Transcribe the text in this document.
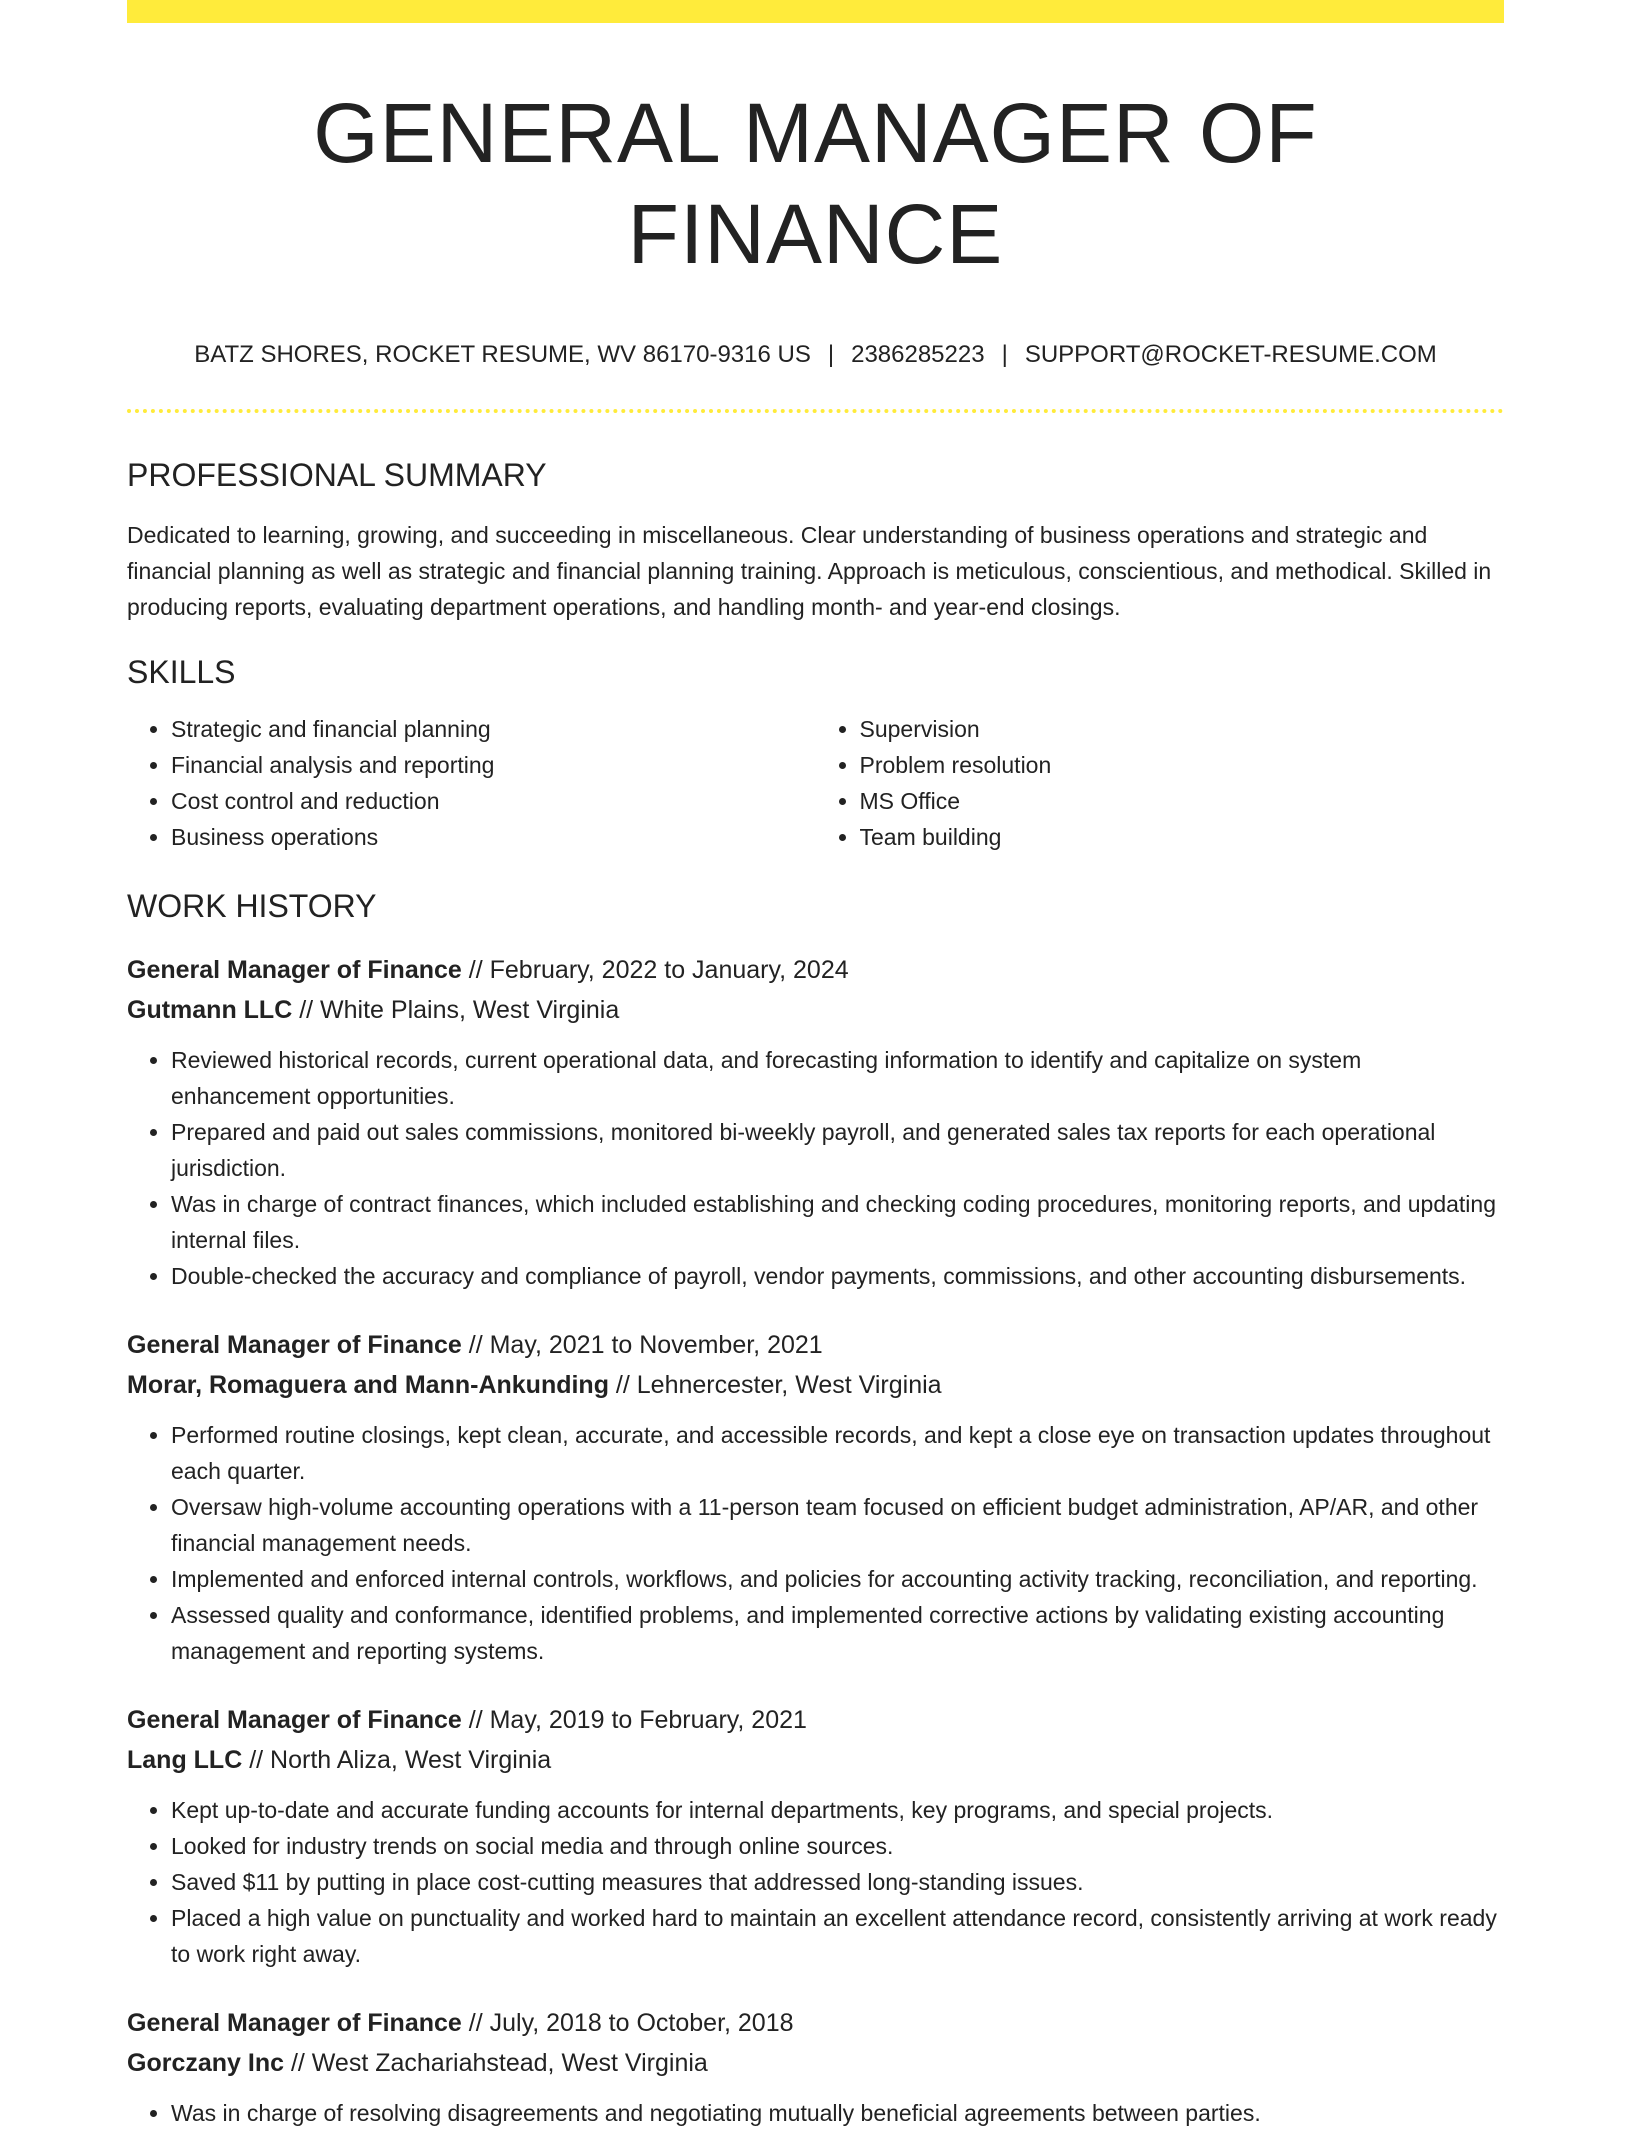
GENERAL MANAGER OF FINANCE
BATZ SHORES, ROCKET RESUME, WV 86170-9316 US | 2386285223 | SUPPORT@ROCKET-RESUME.COM
PROFESSIONAL SUMMARY
Dedicated to learning, growing, and succeeding in miscellaneous. Clear understanding of business operations and strategic and financial planning as well as strategic and financial planning training. Approach is meticulous, conscientious, and methodical. Skilled in producing reports, evaluating department operations, and handling month- and year-end closings.
SKILLS
• Strategic and financial planning
• Financial analysis and reporting
• Cost control and reduction
• Business operations
• Supervision
• Problem resolution
• MS Office
• Team building
WORK HISTORY
General Manager of Finance // February, 2022 to January, 2024
Gutmann LLC // White Plains, West Virginia
• Reviewed historical records, current operational data, and forecasting information to identify and capitalize on system enhancement opportunities.
• Prepared and paid out sales commissions, monitored bi-weekly payroll, and generated sales tax reports for each operational jurisdiction.
• Was in charge of contract finances, which included establishing and checking coding procedures, monitoring reports, and updating internal files.
• Double-checked the accuracy and compliance of payroll, vendor payments, commissions, and other accounting disbursements.
General Manager of Finance // May, 2021 to November, 2021
Morar, Romaguera and Mann-Ankunding // Lehnercester, West Virginia
• Performed routine closings, kept clean, accurate, and accessible records, and kept a close eye on transaction updates throughout each quarter.
• Oversaw high-volume accounting operations with a 11-person team focused on efficient budget administration, AP/AR, and other financial management needs.
• Implemented and enforced internal controls, workflows, and policies for accounting activity tracking, reconciliation, and reporting.
• Assessed quality and conformance, identified problems, and implemented corrective actions by validating existing accounting management and reporting systems.
General Manager of Finance // May, 2019 to February, 2021
Lang LLC // North Aliza, West Virginia
• Kept up-to-date and accurate funding accounts for internal departments, key programs, and special projects.
• Looked for industry trends on social media and through online sources.
• Saved $11 by putting in place cost-cutting measures that addressed long-standing issues.
• Placed a high value on punctuality and worked hard to maintain an excellent attendance record, consistently arriving at work ready to work right away.
General Manager of Finance // July, 2018 to October, 2018
Gorczany Inc // West Zachariahstead, West Virginia
• Was in charge of resolving disagreements and negotiating mutually beneficial agreements between parties.
